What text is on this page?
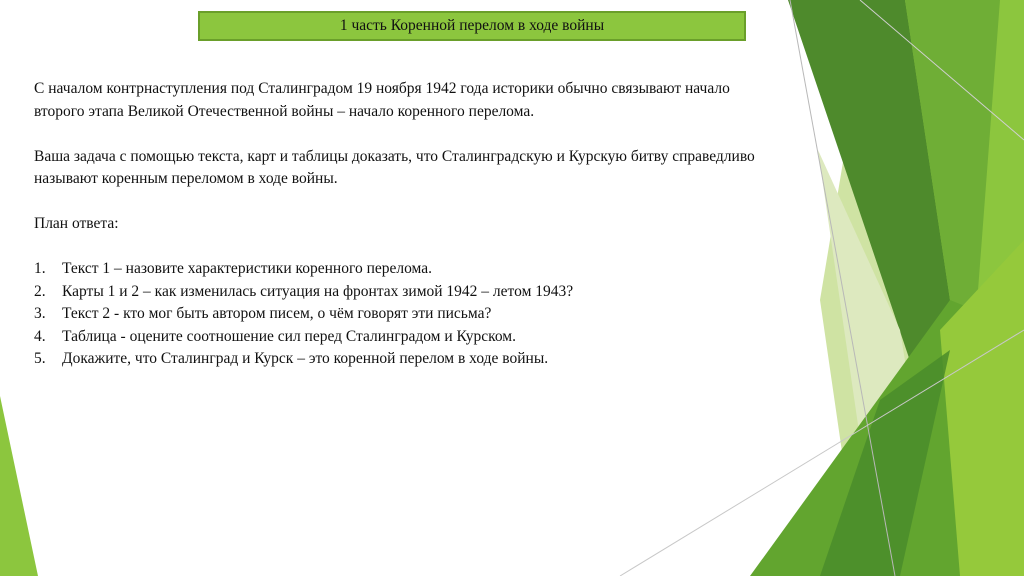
1 часть Коренной перелом в ходе войны

С началом контрнаступления под Сталинградом 19 ноября 1942 года историки обычно связывают начало

второго этапа Великой Отечественной войны – начало коренного перелома.

Ваша задача с помощью текста, карт и таблицы доказать, что Сталинградскую и Курскую битву справедливо

называют коренным переломом в ходе войны.

План ответа:

1.	Текст 1 – назовите характеристики коренного перелома.
2.	Карты 1 и 2 – как изменилась ситуация на фронтах зимой 1942 – летом 1943?
3.	Текст 2 - кто мог быть автором писем, о чём говорят эти письма?
4.	Таблица - оцените соотношение сил перед Сталинградом и Курском.
5.	Докажите, что Сталинград и Курск – это коренной перелом в ходе войны.
